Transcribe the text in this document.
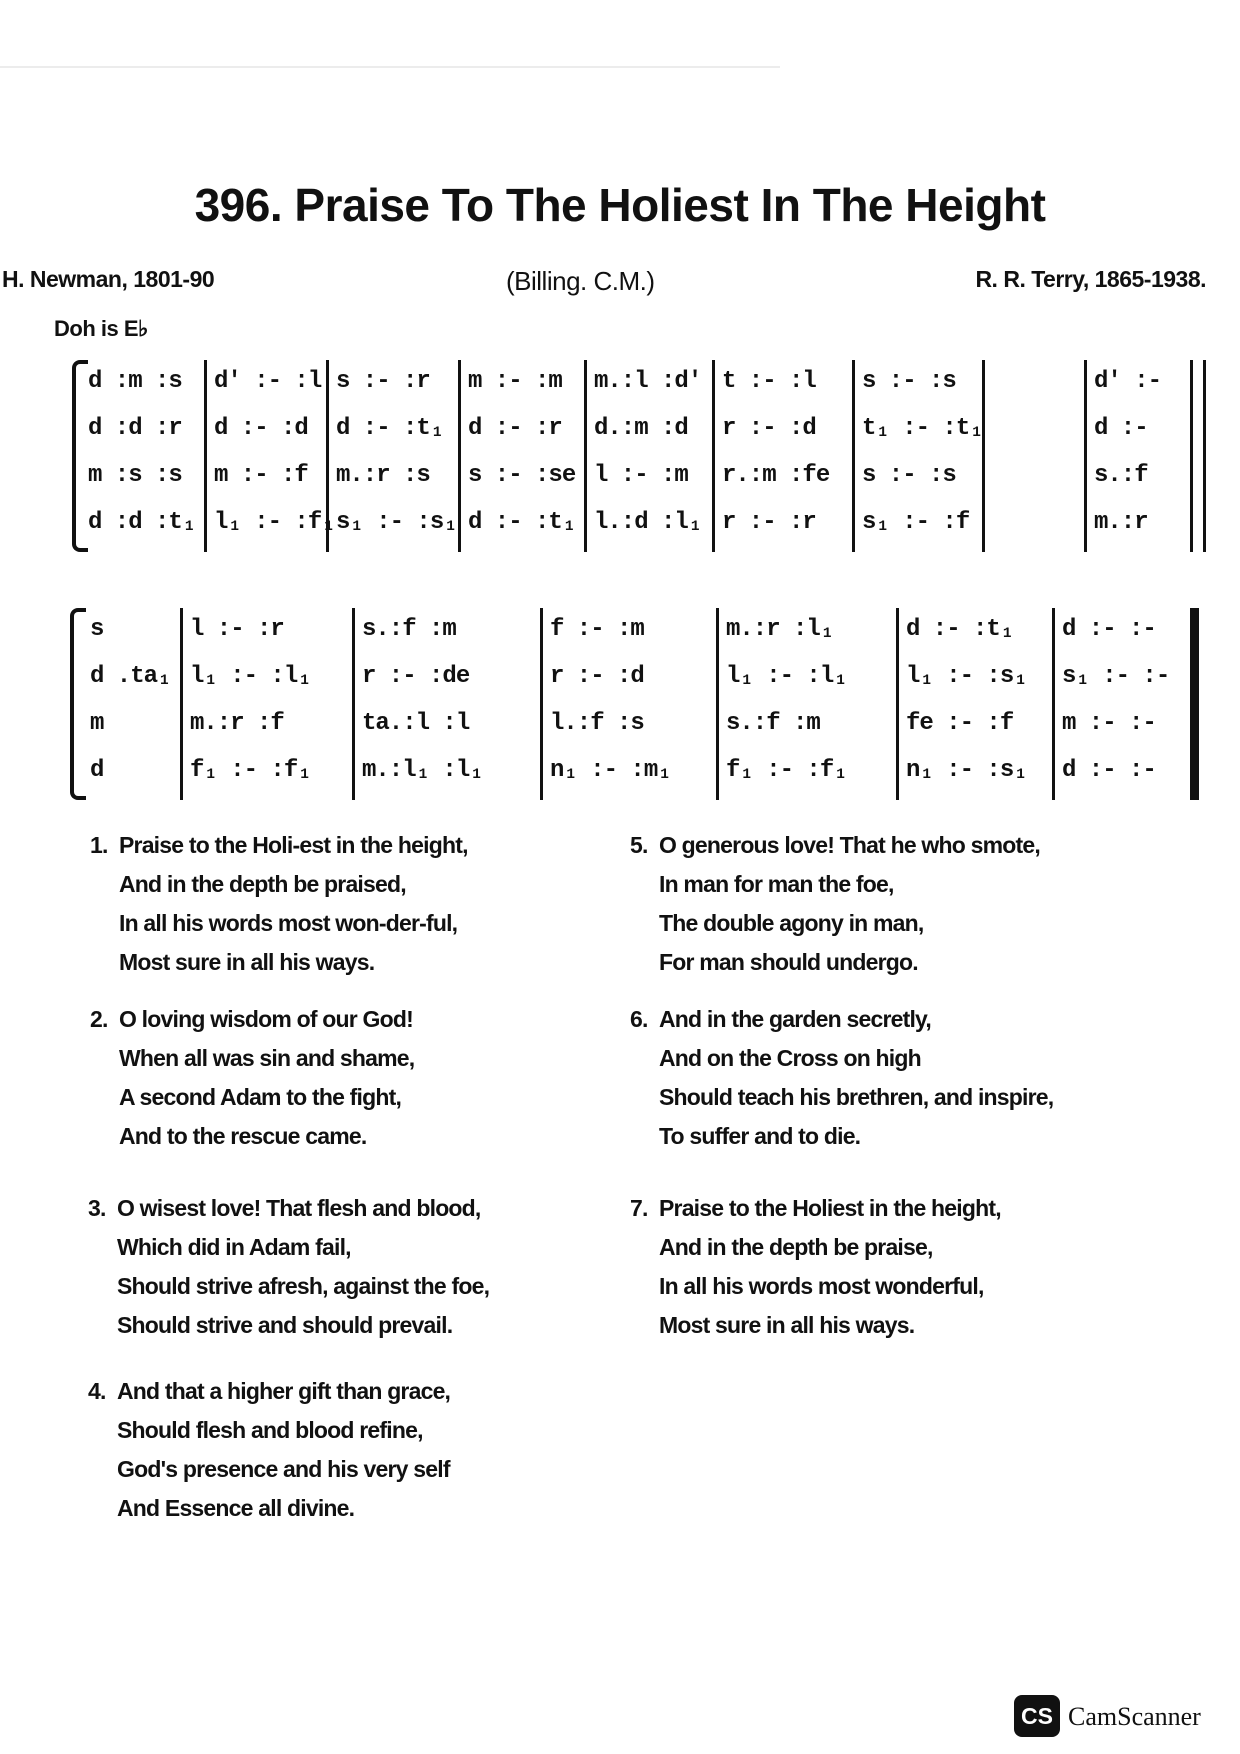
396. Praise To The Holiest In The Height
H. Newman, 1801-90	(Billing. C.M.)	R. R. Terry, 1865-1938.
Doh is E♭
d :m :s
d :d :r
m :s :s
d :d :t₁
d' :- :l
d :- :d
m :- :f
l₁ :- :f₁
s :- :r
d :- :t₁
m.:r :s
s₁ :- :s₁
m :- :m
d :- :r
s :- :se
d :- :t₁
m.:l :d'
d.:m :d
l :- :m
l.:d :l₁
t :- :l
r :- :d
r.:m :fe
r :- :r
s :- :s
t₁ :- :t₁
s :- :s
s₁ :- :f
d' :-
d :-
s.:f
m.:r
s
d .ta₁
m
d
l :- :r
l₁ :- :l₁
m.:r :f
f₁ :- :f₁
s.:f :m
r :- :de
ta.:l :l
m.:l₁ :l₁
f :- :m
r :- :d
l.:f :s
n₁ :- :m₁
m.:r :l₁
l₁ :- :l₁
s.:f :m
f₁ :- :f₁
d :- :t₁
l₁ :- :s₁
fe :- :f
n₁ :- :s₁
d :- :-
s₁ :- :-
m :- :-
d :- :-
1. Praise to the Holi-est in the height,
And in the depth be praised,
In all his words most won-der-ful,
Most sure in all his ways.
2. O loving wisdom of our God!
When all was sin and shame,
A second Adam to the fight,
And to the rescue came.
3. O wisest love! That flesh and blood,
Which did in Adam fail,
Should strive afresh, against the foe,
Should strive and should prevail.
4. And that a higher gift than grace,
Should flesh and blood refine,
God's presence and his very self
And Essence all divine.
5. O generous love! That he who smote,
In man for man the foe,
The double agony in man,
For man should undergo.
6. And in the garden secretly,
And on the Cross on high
Should teach his brethren, and inspire,
To suffer and to die.
7. Praise to the Holiest in the height,
And in the depth be praise,
In all his words most wonderful,
Most sure in all his ways.
CS CamScanner
